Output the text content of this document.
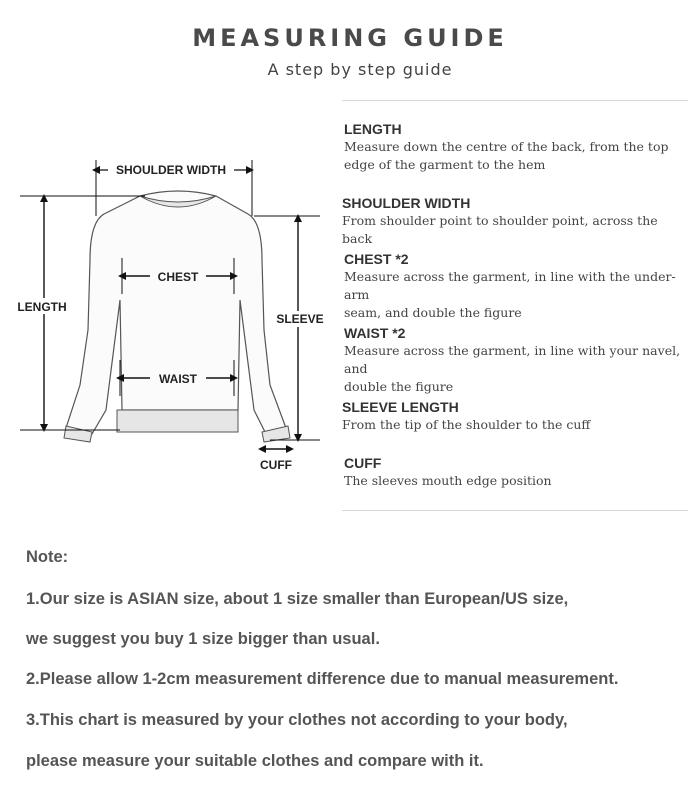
MEASURING GUIDE
A step by step guide
SHOULDER WIDTH
LENGTH
CHEST
WAIST
SLEEVE
CUFF

LENGTH

Measure down the centre of the back, from the top

edge of the garment to the hem

SHOULDER WIDTH

From shoulder point to shoulder point, across the back

CHEST *2

Measure across the garment, in line with the under-arm

seam, and double the figure

WAIST *2

Measure across the garment, in line with your navel, and

double the figure

SLEEVE LENGTH

From the tip of the shoulder to the cuff

CUFF

The sleeves mouth edge position

Note:
1.Our size is ASIAN size, about 1 size smaller than European/US size,
we suggest you buy 1 size bigger than usual.
2.Please allow 1-2cm measurement difference due to manual measurement.
3.This chart is measured by your clothes not according to your body,
please measure your suitable clothes and compare with it.
